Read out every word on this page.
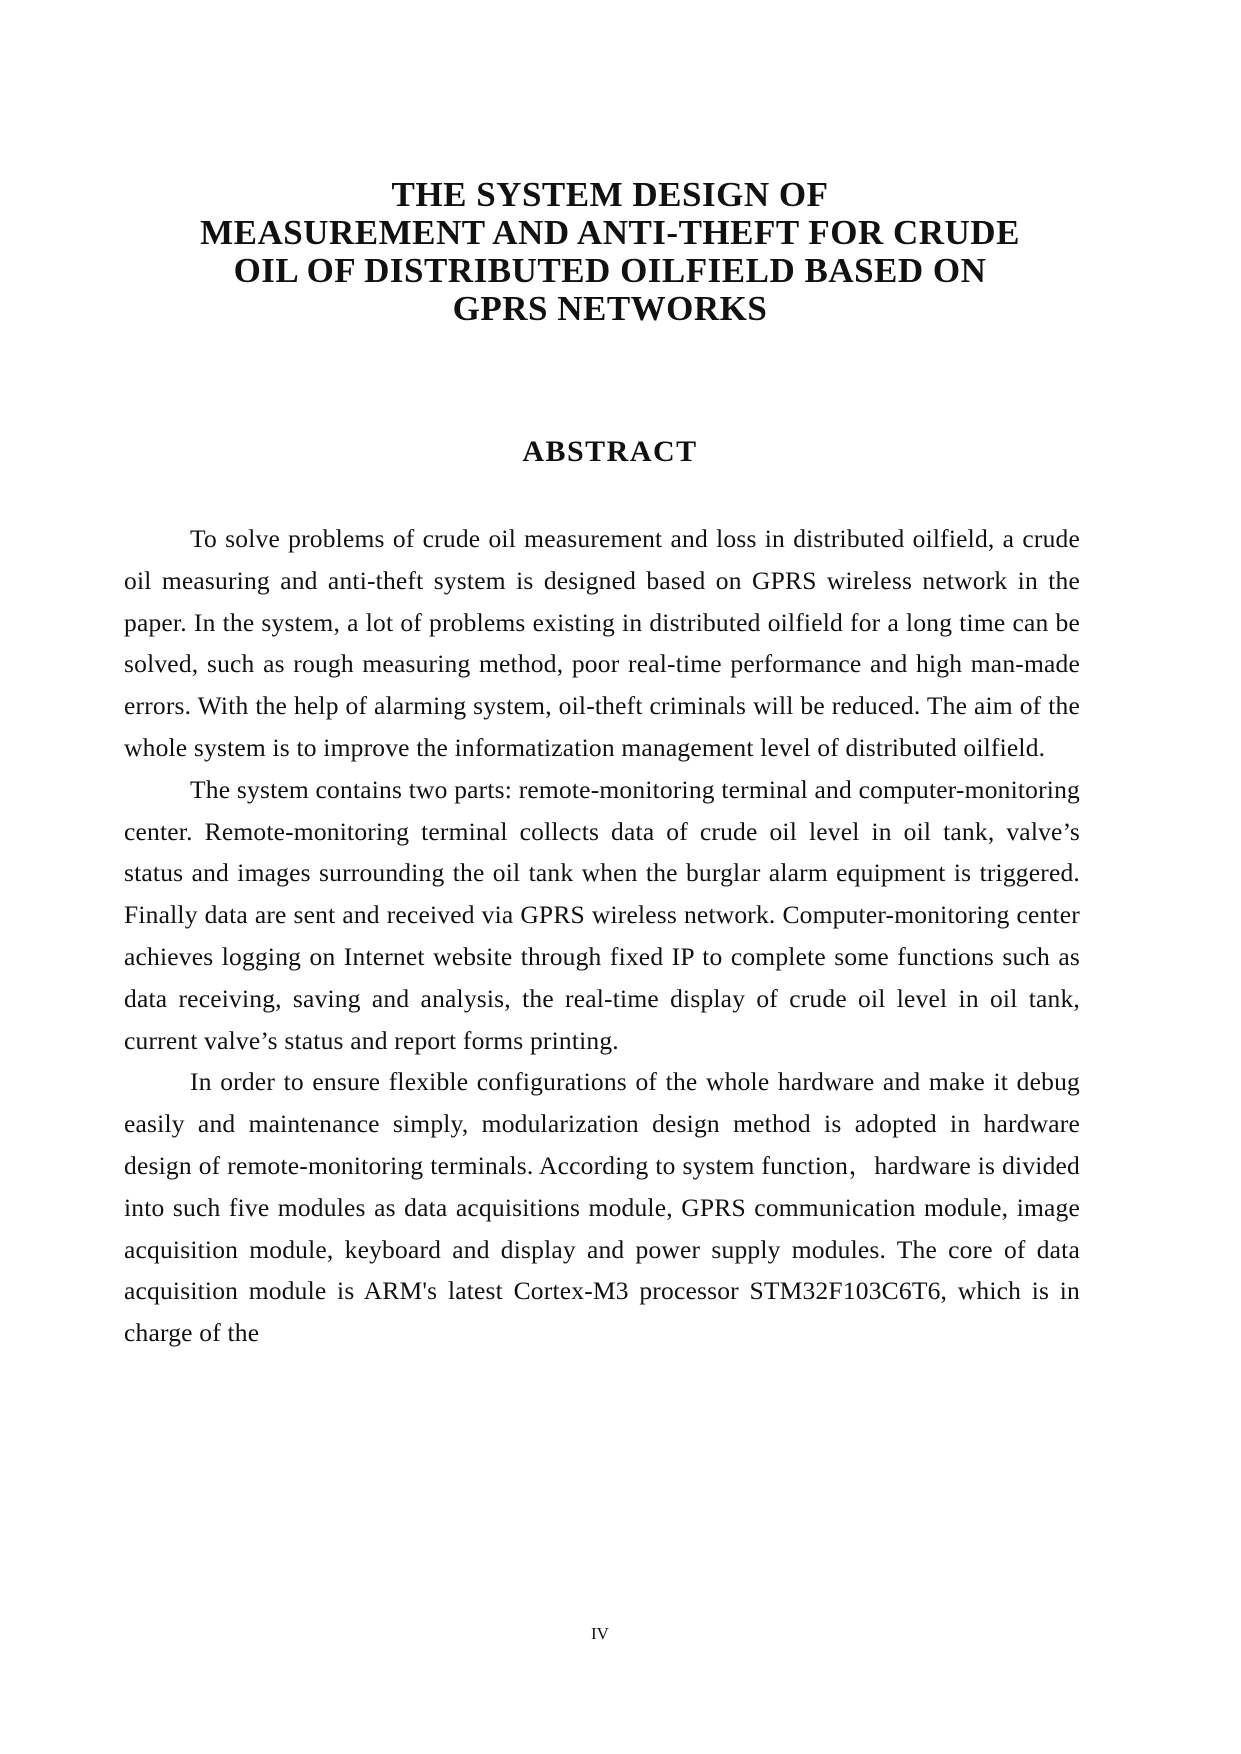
THE SYSTEM DESIGN OF
MEASUREMENT AND ANTI-THEFT FOR CRUDE
OIL OF DISTRIBUTED OILFIELD BASED ON
GPRS NETWORKS
ABSTRACT

To solve problems of crude oil measurement and loss in distributed oilfield, a crude oil measuring and anti-theft system is designed based on GPRS wireless network in the paper. In the system, a lot of problems existing in distributed oilfield for a long time can be solved, such as rough measuring method, poor real-time performance and high man-made errors. With the help of alarming system, oil-theft criminals will be reduced. The aim of the whole system is to improve the informatization management level of distributed oilfield.

The system contains two parts: remote-monitoring terminal and computer-monitoring center. Remote-monitoring terminal collects data of crude oil level in oil tank, valve’s status and images surrounding the oil tank when the burglar alarm equipment is triggered. Finally data are sent and received via GPRS wireless network. Computer-monitoring center achieves logging on Internet website through fixed IP to complete some functions such as data receiving, saving and analysis, the real-time display of crude oil level in oil tank, current valve’s status and report forms printing.

In order to ensure flexible configurations of the whole hardware and make it debug easily and maintenance simply, modularization design method is adopted in hardware design of remote-monitoring terminals. According to system function，hardware is divided into such five modules as data acquisitions module, GPRS communication module, image acquisition module, keyboard and display and power supply modules. The core of data acquisition module is ARM's latest Cortex-M3 processor STM32F103C6T6, which is in charge of the

IV
